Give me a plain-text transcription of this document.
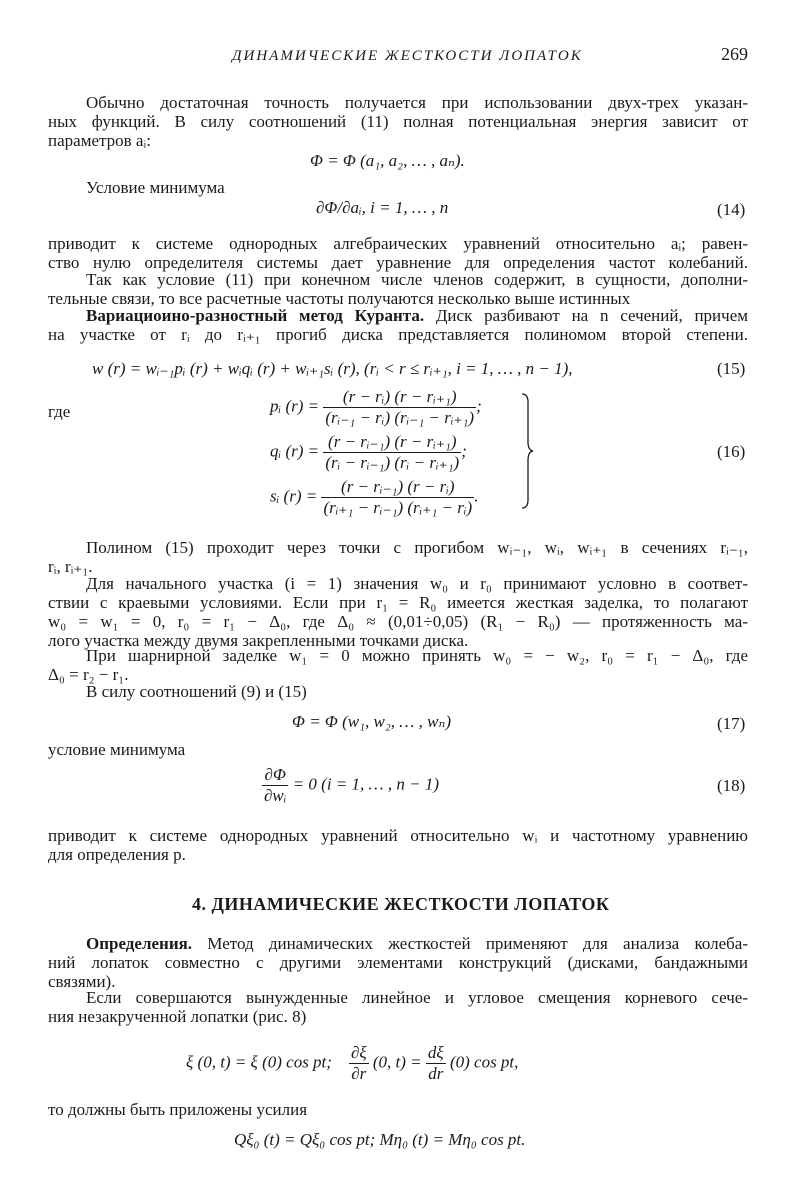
ДИНАМИЧЕСКИЕ ЖЕСТКОСТИ ЛОПАТОК	269
Обычно достаточная точность получается при использовании двух-трех указан-
ных функций. В силу соотношений (11) полная потенциальная энергия зависит от
параметров aᵢ:
Φ = Φ (a₁, a₂, … , aₙ).
Условие минимума
∂Φ/∂aᵢ, i = 1, … , n	(14)
приводит к системе однородных алгебраических уравнений относительно aᵢ; равен-
ство нулю определителя системы дает уравнение для определения частот колебаний.
Так как условие (11) при конечном числе членов содержит, в сущности, дополни-
тельные связи, то все расчетные частоты получаются несколько выше истинных
Вариациоино-разностный метод Куранта. Диск разбивают на n сечений, причем
на участке от rᵢ до rᵢ₊₁ прогиб диска представляется полиномом второй степени.
w (r) = wᵢ₋₁pᵢ (r) + wᵢqᵢ (r) + wᵢ₊₁sᵢ (r), (rᵢ < r ≤ rᵢ₊₁, i = 1, … , n − 1),	(15)
где	pᵢ $(r) = \frac{\text{(r − rᵢ) (r − rᵢ₊₁)}}{\text{(rᵢ₋₁ − rᵢ) (rᵢ₋₁ − rᵢ₊₁)}}$ ;
qᵢ $(r) = \frac{\text{(r − rᵢ₋₁) (r − rᵢ₊₁)}}{\text{(rᵢ − rᵢ₋₁) (rᵢ − rᵢ₊₁)}}$ ;
sᵢ $(r) = \frac{\text{(r − rᵢ₋₁) (r − rᵢ)}}{\text{(rᵢ₊₁ − rᵢ₋₁) (rᵢ₊₁ − rᵢ)}}$ .
(16)
Полином (15) проходит через точки с прогибом wᵢ₋₁, wᵢ, wᵢ₊₁ в сечениях rᵢ₋₁,
rᵢ, rᵢ₊₁.
Для начального участка (i = 1) значения w₀ и r₀ принимают условно в соответ-
ствии с краевыми условиями. Если при r₁ = R₀ имеется жесткая заделка, то полагают
w₀ = w₁ = 0, r₀ = r₁ − Δ₀, где Δ₀ ≈ (0,01÷0,05) (R₁ − R₀) — протяженность ма-
лого участка между двумя закрепленными точками диска.
При шарнирной заделке w₁ = 0 можно принять w₀ = − w₂, r₀ = r₁ − Δ₀, где
Δ₀ = r₂ − r₁.
В силу соотношений (9) и (15)
Φ = Φ (w₁, w₂, … , wₙ)	(17)
условие минимума
$\frac{\partial\Phi}{\text{∂wᵢ}} = 0$ (i = 1, … , n − 1)	(18)
приводит к системе однородных уравнений относительно wᵢ и частотному уравнению
для определения p.
4. ДИНАМИЧЕСКИЕ ЖЕСТКОСТИ ЛОПАТОК
Определения. Метод динамических жесткостей применяют для анализа колеба-
ний лопаток совместно с другими элементами конструкций (дисками, бандажными
связями).
Если совершаются вынужденные линейное и угловое смещения корневого сече-
ния незакрученной лопатки (рис. 8)
ξ (0, t) = ξ (0) cos pt; $\frac{\partial\xi}{\partial r} (0$, $t) = \frac{d\xi}{dr} (0)$ cos pt,
то должны быть приложены усилия
Qξ₀ (t) = Qξ₀ cos pt; Mη₀ (t) = Mη₀ cos pt.
